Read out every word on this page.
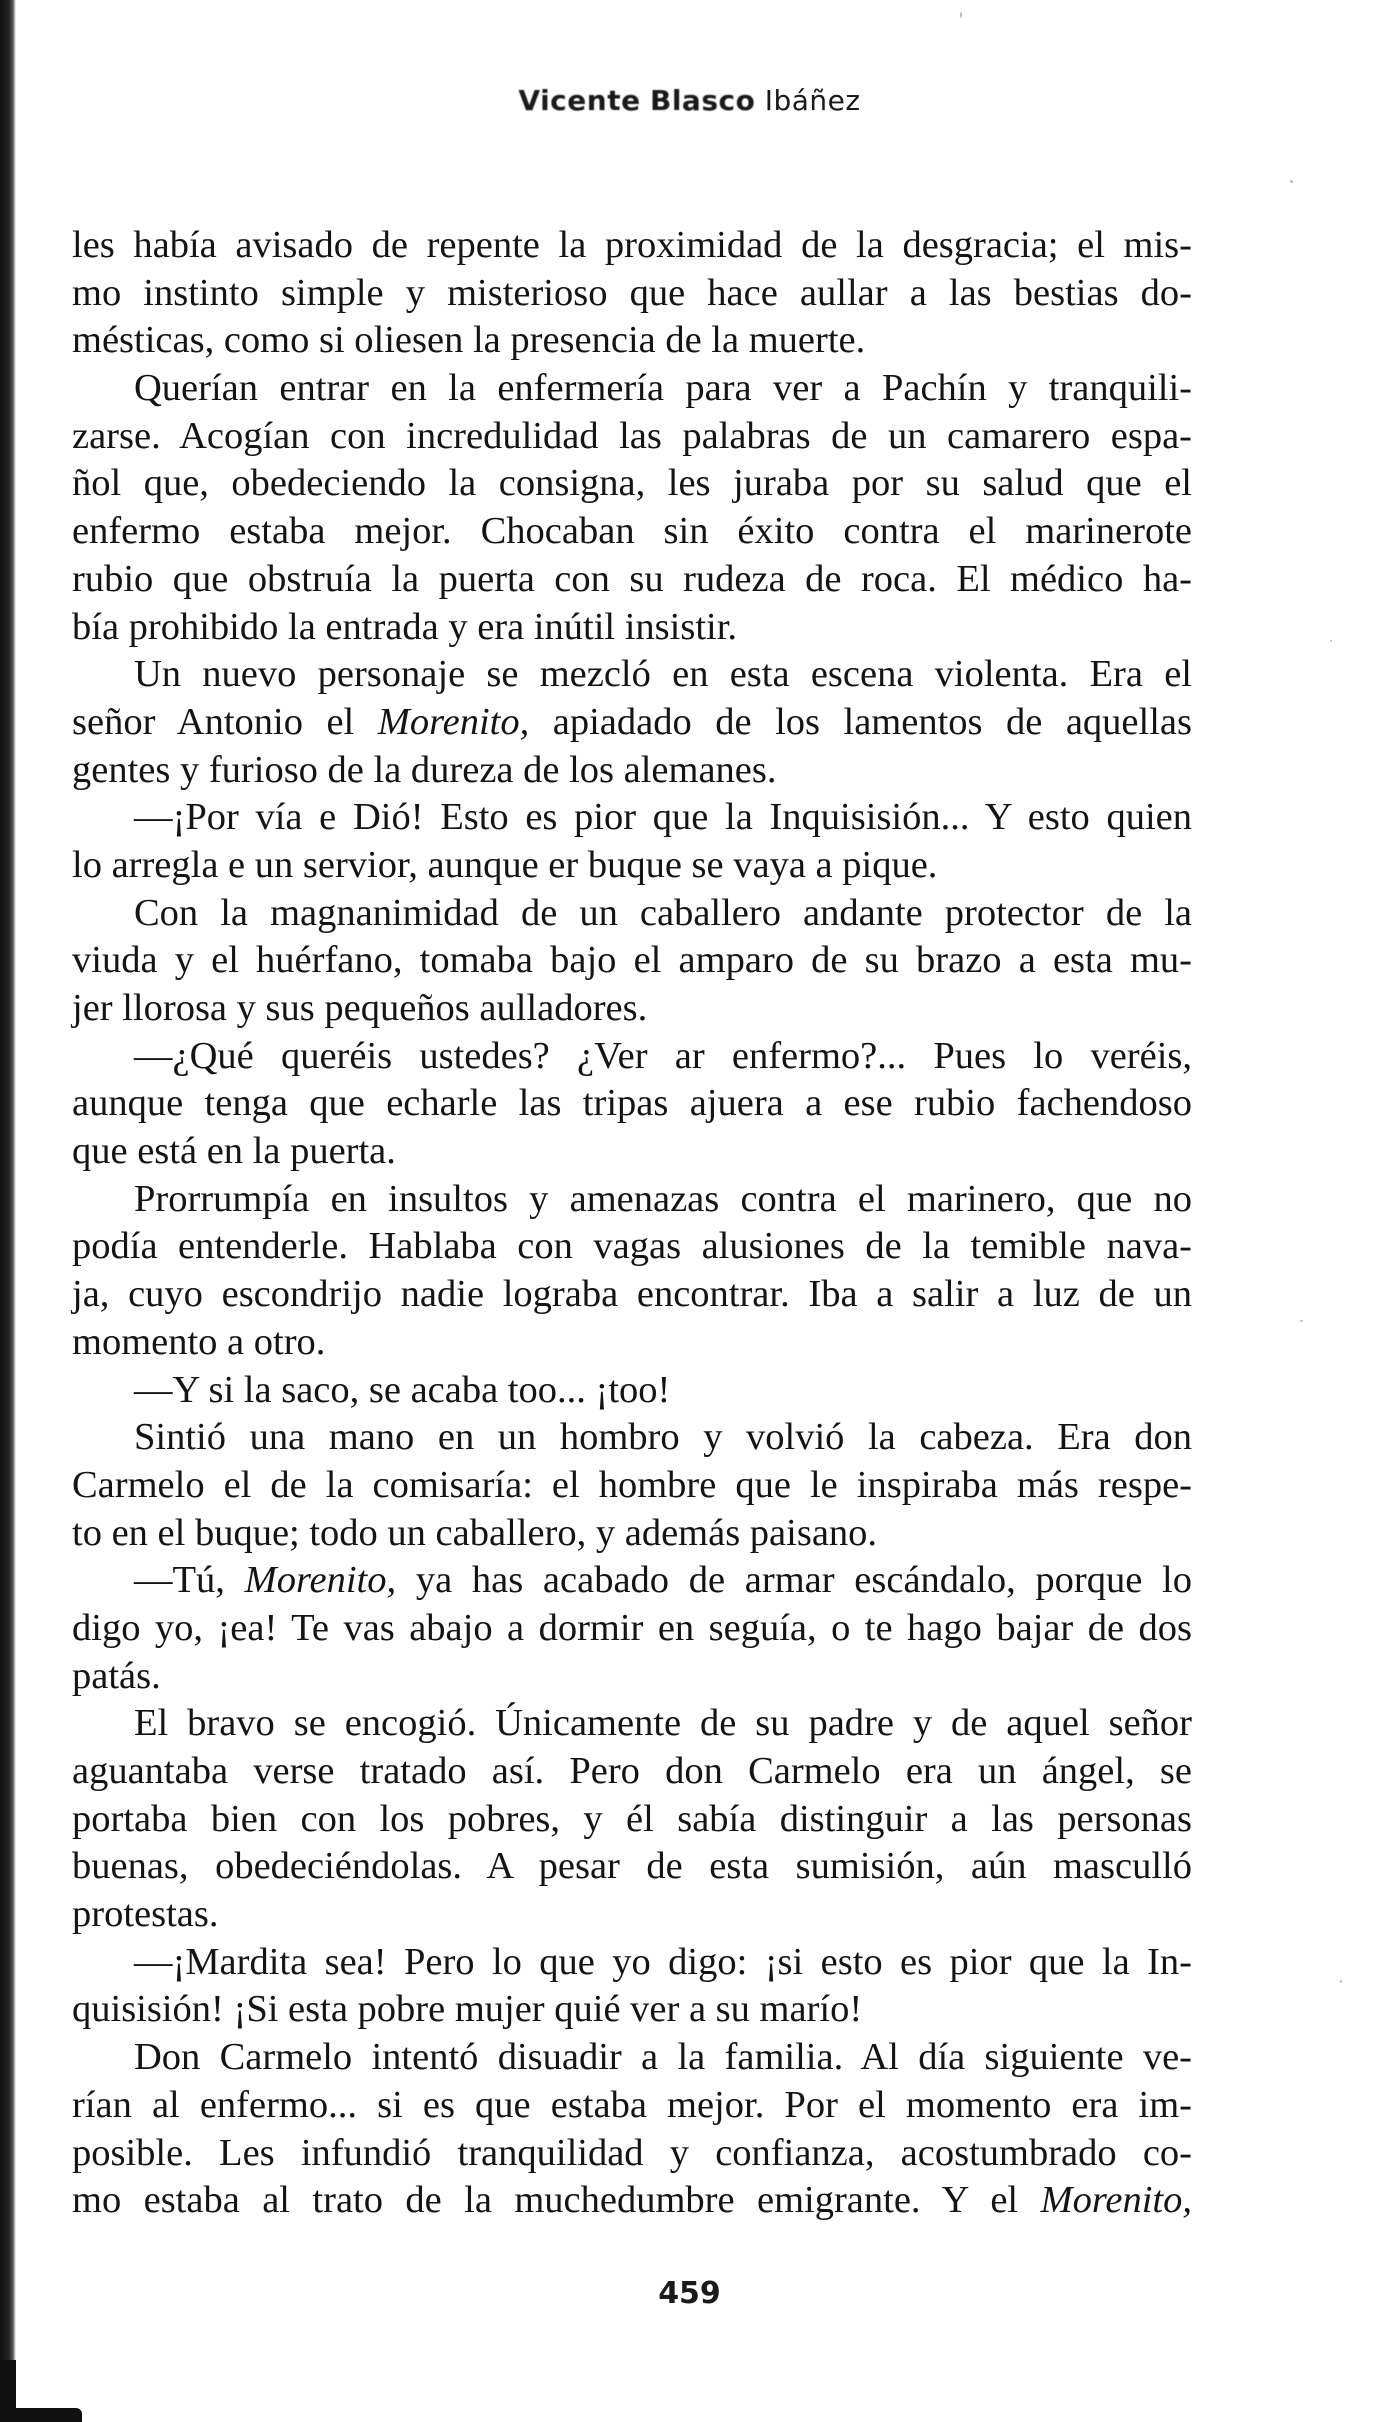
Vicente Blasco Ibáñez
les había avisado de repente la proximidad de la desgracia; el mis-
mo instinto simple y misterioso que hace aullar a las bestias do-
mésticas, como si oliesen la presencia de la muerte.
Querían entrar en la enfermería para ver a Pachín y tranquili-
zarse. Acogían con incredulidad las palabras de un camarero espa-
ñol que, obedeciendo la consigna, les juraba por su salud que el
enfermo estaba mejor. Chocaban sin éxito contra el marinerote
rubio que obstruía la puerta con su rudeza de roca. El médico ha-
bía prohibido la entrada y era inútil insistir.
Un nuevo personaje se mezcló en esta escena violenta. Era el
señor Antonio el Morenito, apiadado de los lamentos de aquellas
gentes y furioso de la dureza de los alemanes.
—¡Por vía e Dió! Esto es pior que la Inquisisión... Y esto quien
lo arregla e un servior, aunque er buque se vaya a pique.
Con la magnanimidad de un caballero andante protector de la
viuda y el huérfano, tomaba bajo el amparo de su brazo a esta mu-
jer llorosa y sus pequeños aulladores.
—¿Qué queréis ustedes? ¿Ver ar enfermo?... Pues lo veréis,
aunque tenga que echarle las tripas ajuera a ese rubio fachendoso
que está en la puerta.
Prorrumpía en insultos y amenazas contra el marinero, que no
podía entenderle. Hablaba con vagas alusiones de la temible nava-
ja, cuyo escondrijo nadie lograba encontrar. Iba a salir a luz de un
momento a otro.
—Y si la saco, se acaba too... ¡too!
Sintió una mano en un hombro y volvió la cabeza. Era don
Carmelo el de la comisaría: el hombre que le inspiraba más respe-
to en el buque; todo un caballero, y además paisano.
—Tú, Morenito, ya has acabado de armar escándalo, porque lo
digo yo, ¡ea! Te vas abajo a dormir en seguía, o te hago bajar de dos
patás.
El bravo se encogió. Únicamente de su padre y de aquel señor
aguantaba verse tratado así. Pero don Carmelo era un ángel, se
portaba bien con los pobres, y él sabía distinguir a las personas
buenas, obedeciéndolas. A pesar de esta sumisión, aún masculló
protestas.
—¡Mardita sea! Pero lo que yo digo: ¡si esto es pior que la In-
quisisión! ¡Si esta pobre mujer quié ver a su marío!
Don Carmelo intentó disuadir a la familia. Al día siguiente ve-
rían al enfermo... si es que estaba mejor. Por el momento era im-
posible. Les infundió tranquilidad y confianza, acostumbrado co-
mo estaba al trato de la muchedumbre emigrante. Y el Morenito,
459
